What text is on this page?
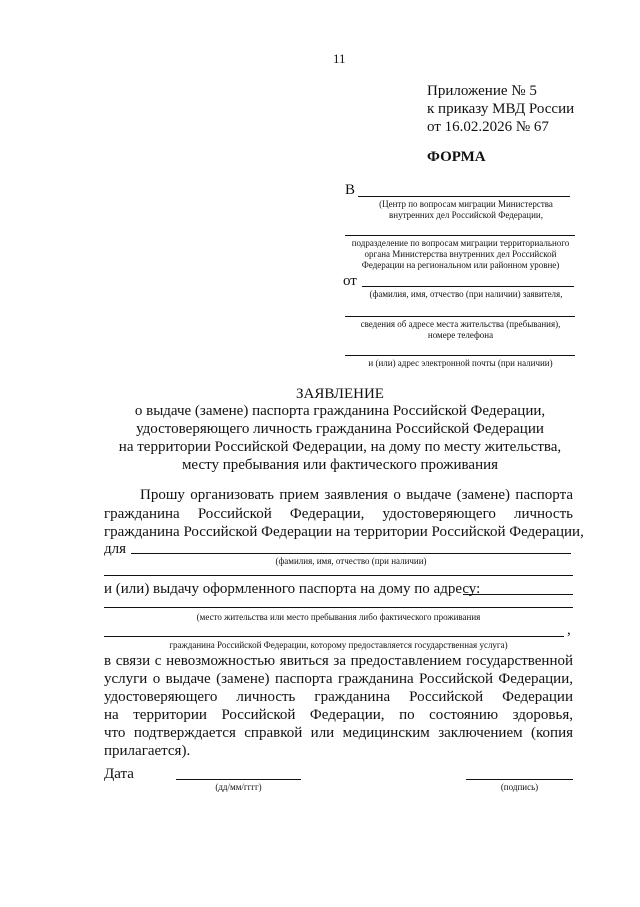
11
Приложение № 5
к приказу МВД России
от 16.02.2026 № 67
ФОРМА
В
(Центр по вопросам миграции Министерства
внутренних дел Российской Федерации,
подразделение по вопросам миграции территориального
органа Министерства внутренних дел Российской
Федерации на региональном или районном уровне)
от
(фамилия, имя, отчество (при наличии) заявителя,
сведения об адресе места жительства (пребывания),
номере телефона
и (или) адрес электронной почты (при наличии)
ЗАЯВЛЕНИЕ
о выдаче (замене) паспорта гражданина Российской Федерации,
удостоверяющего личность гражданина Российской Федерации
на территории Российской Федерации, на дому по месту жительства,
месту пребывания или фактического проживания
Прошу организовать прием заявления о выдаче (замене) паспорта
гражданина Российской Федерации, удостоверяющего личность
гражданина Российской Федерации на территории Российской Федерации,
для
(фамилия, имя, отчество (при наличии)
и (или) выдачу оформленного паспорта на дому по адресу:
(место жительства или место пребывания либо фактического проживания
,
гражданина Российской Федерации, которому предоставляется государственная услуга)
в связи с невозможностью явиться за предоставлением государственной
услуги о выдаче (замене) паспорта гражданина Российской Федерации,
удостоверяющего личность гражданина Российской Федерации
на территории Российской Федерации, по состоянию здоровья,
что подтверждается справкой или медицинским заключением (копия
прилагается).
Дата
(дд/мм/гггг)	(подпись)
